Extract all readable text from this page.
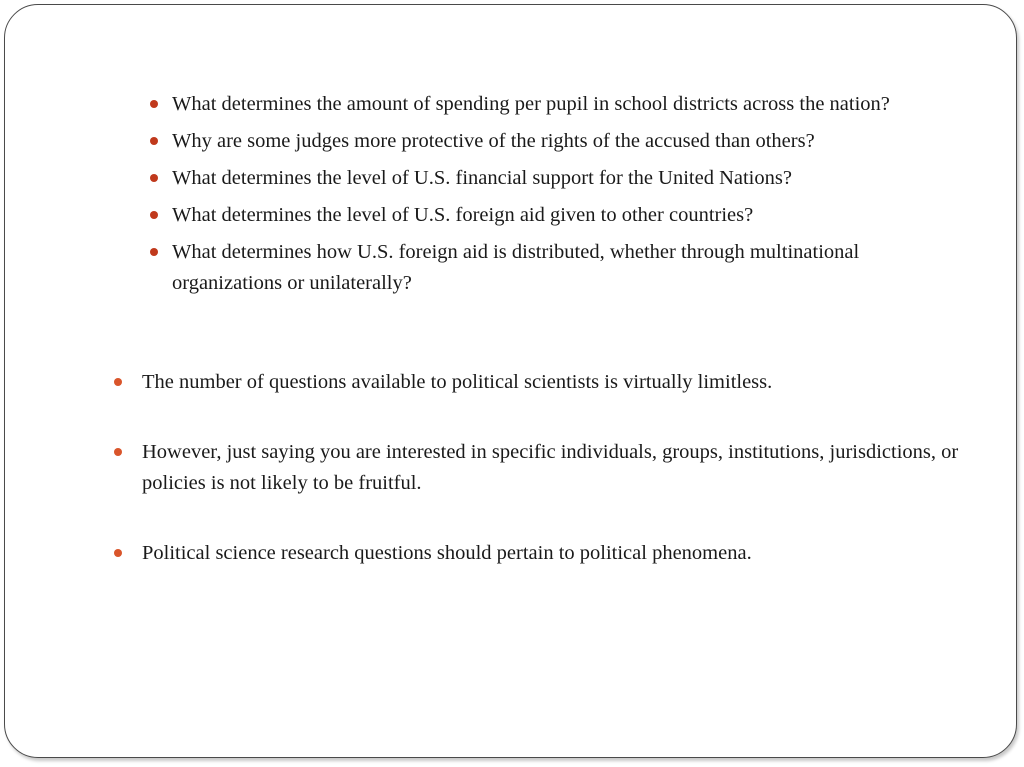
What determines the amount of spending per pupil in school districts across the nation?
Why are some judges more protective of the rights of the accused than others?
What determines the level of U.S. financial support for the United Nations?
What determines the level of U.S. foreign aid given to other countries?
What determines how U.S. foreign aid is distributed, whether through multinational organizations or unilaterally?
The number of questions available to political scientists is virtually limitless.
However, just saying you are interested in specific individuals, groups, institutions, jurisdictions, or policies is not likely to be fruitful.
Political science research questions should pertain to political phenomena.
